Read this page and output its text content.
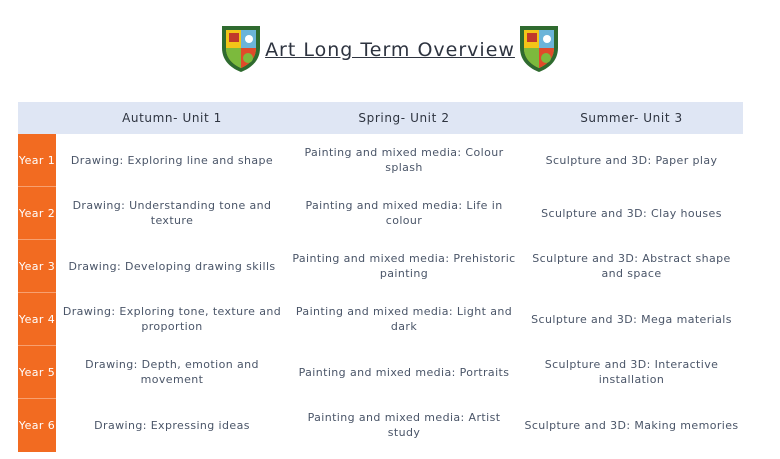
Art Long Term Overview
	Autumn- Unit 1	Spring- Unit 2	Summer- Unit 3
Year 1	Drawing: Exploring line and shape	Painting and mixed media: Colour splash	Sculpture and 3D: Paper play
Year 2	Drawing: Understanding tone and texture	Painting and mixed media: Life in colour	Sculpture and 3D: Clay houses
Year 3	Drawing: Developing drawing skills	Painting and mixed media: Prehistoric painting	Sculpture and 3D: Abstract shape and space
Year 4	Drawing: Exploring tone, texture and proportion	Painting and mixed media: Light and dark	Sculpture and 3D: Mega materials
Year 5	Drawing: Depth, emotion and movement	Painting and mixed media: Portraits	Sculpture and 3D: Interactive installation
Year 6	Drawing: Expressing ideas	Painting and mixed media: Artist study	Sculpture and 3D: Making memories
